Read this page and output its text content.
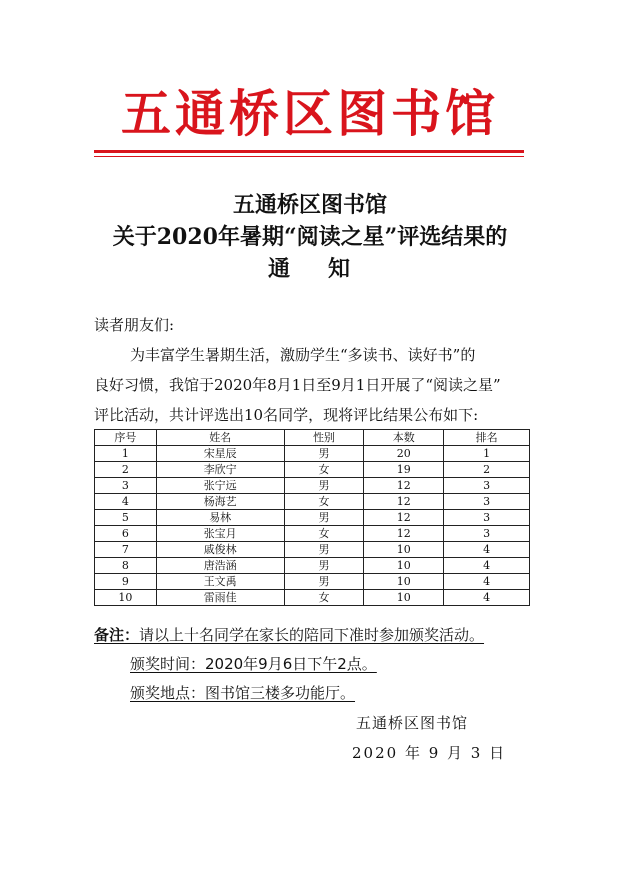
五通桥区图书馆
五通桥区图书馆
关于2020年暑期“阅读之星”评选结果的
通 知
读者朋友们:
为丰富学生暑期生活，激励学生“多读书、读好书”的
良好习惯，我馆于2020年8月1日至9月1日开展了“阅读之星”
评比活动，共计评选出10名同学，现将评比结果公布如下:
序号	姓名	性别	本数	排名
1	宋星辰	男	20	1
2	李欣宁	女	19	2
3	张宁远	男	12	3
4	杨海艺	女	12	3
5	易林	男	12	3
6	张宝月	女	12	3
7	戚俊林	男	10	4
8	唐浩涵	男	10	4
9	王文禹	男	10	4
10	雷雨佳	女	10	4
备注：请以上十名同学在家长的陪同下准时参加颁奖活动。
颁奖时间：2020年9月6日下午2点。
颁奖地点：图书馆三楼多功能厅。
五通桥区图书馆
2020 年 9 月 3 日
